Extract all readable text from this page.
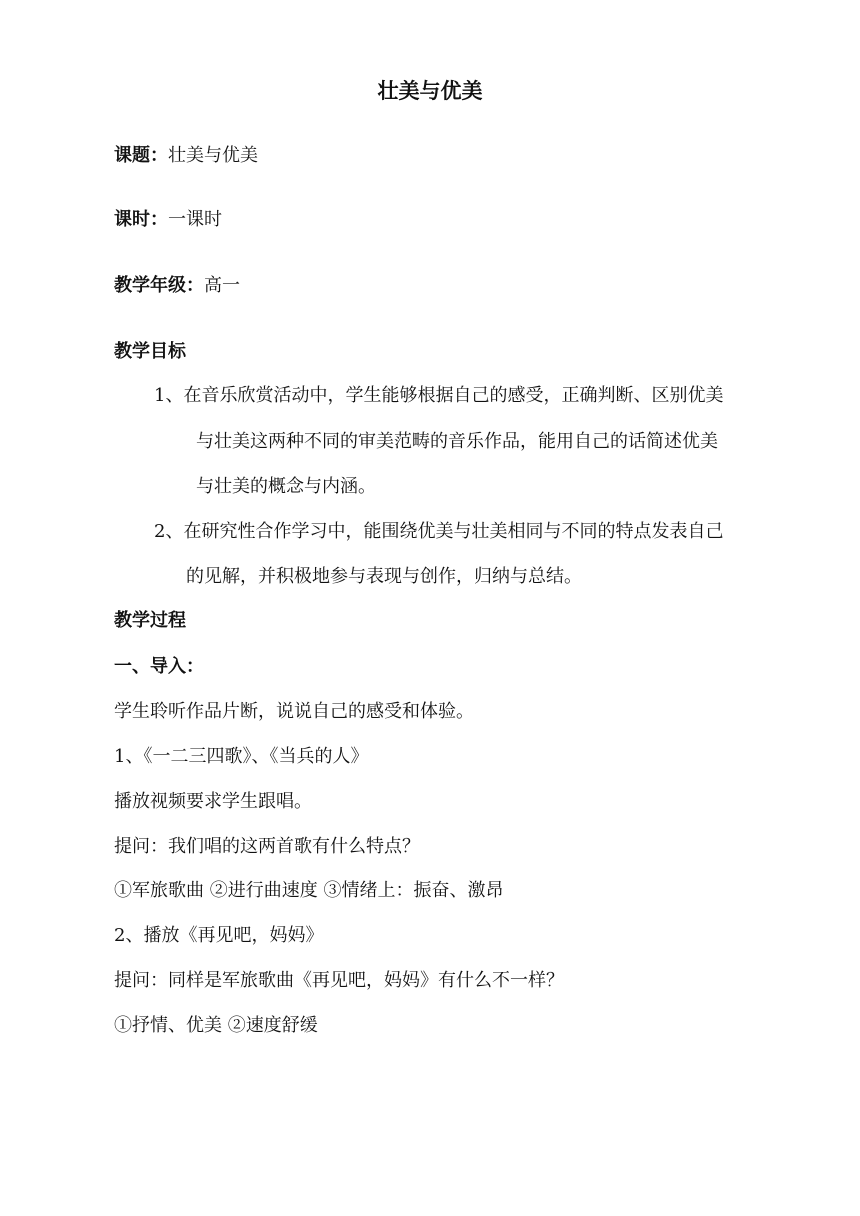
壮美与优美
课题：壮美与优美
课时：一课时
教学年级：高一
教学目标
1、在音乐欣赏活动中，学生能够根据自己的感受，正确判断、区别优美
与壮美这两种不同的审美范畴的音乐作品，能用自己的话简述优美
与壮美的概念与内涵。
2、在研究性合作学习中，能围绕优美与壮美相同与不同的特点发表自己
的见解，并积极地参与表现与创作，归纳与总结。
教学过程
一、导入：
学生聆听作品片断，说说自己的感受和体验。
1、《一二三四歌》、《当兵的人》
播放视频要求学生跟唱。
提问：我们唱的这两首歌有什么特点？
①军旅歌曲 ②进行曲速度 ③情绪上：振奋、激昂
2、播放《再见吧，妈妈》
提问：同样是军旅歌曲《再见吧，妈妈》有什么不一样？
①抒情、优美 ②速度舒缓
